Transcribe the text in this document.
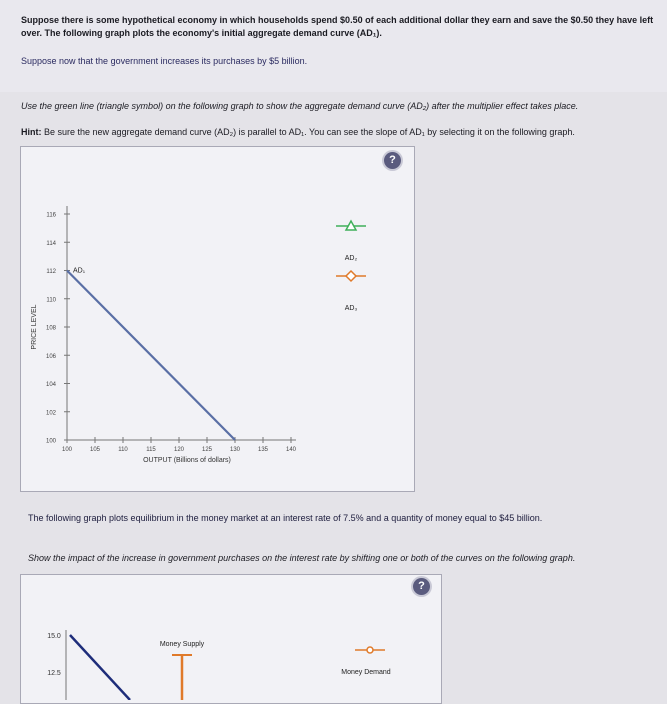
Suppose there is some hypothetical economy in which households spend $0.50 of each additional dollar they earn and save the $0.50 they have left
over. The following graph plots the economy's initial aggregate demand curve (AD₁).
Suppose now that the government increases its purchases by $5 billion.
Use the green line (triangle symbol) on the following graph to show the aggregate demand curve (AD₂) after the multiplier effect takes place.
Hint: Be sure the new aggregate demand curve (AD₂) is parallel to AD₁. You can see the slope of AD₁ by selecting it on the following graph.
?
100
102
104
106
108
110
112
114
116
100	105	110	115	120	125	130	135	140
PRICE LEVEL
OUTPUT (Billions of dollars)
AD₁
AD₂
AD₃
The following graph plots equilibrium in the money market at an interest rate of 7.5% and a quantity of money equal to $45 billion.
Show the impact of the increase in government purchases on the interest rate by shifting one or both of the curves on the following graph.
?
15.0
12.5
Money Supply
Money Demand
